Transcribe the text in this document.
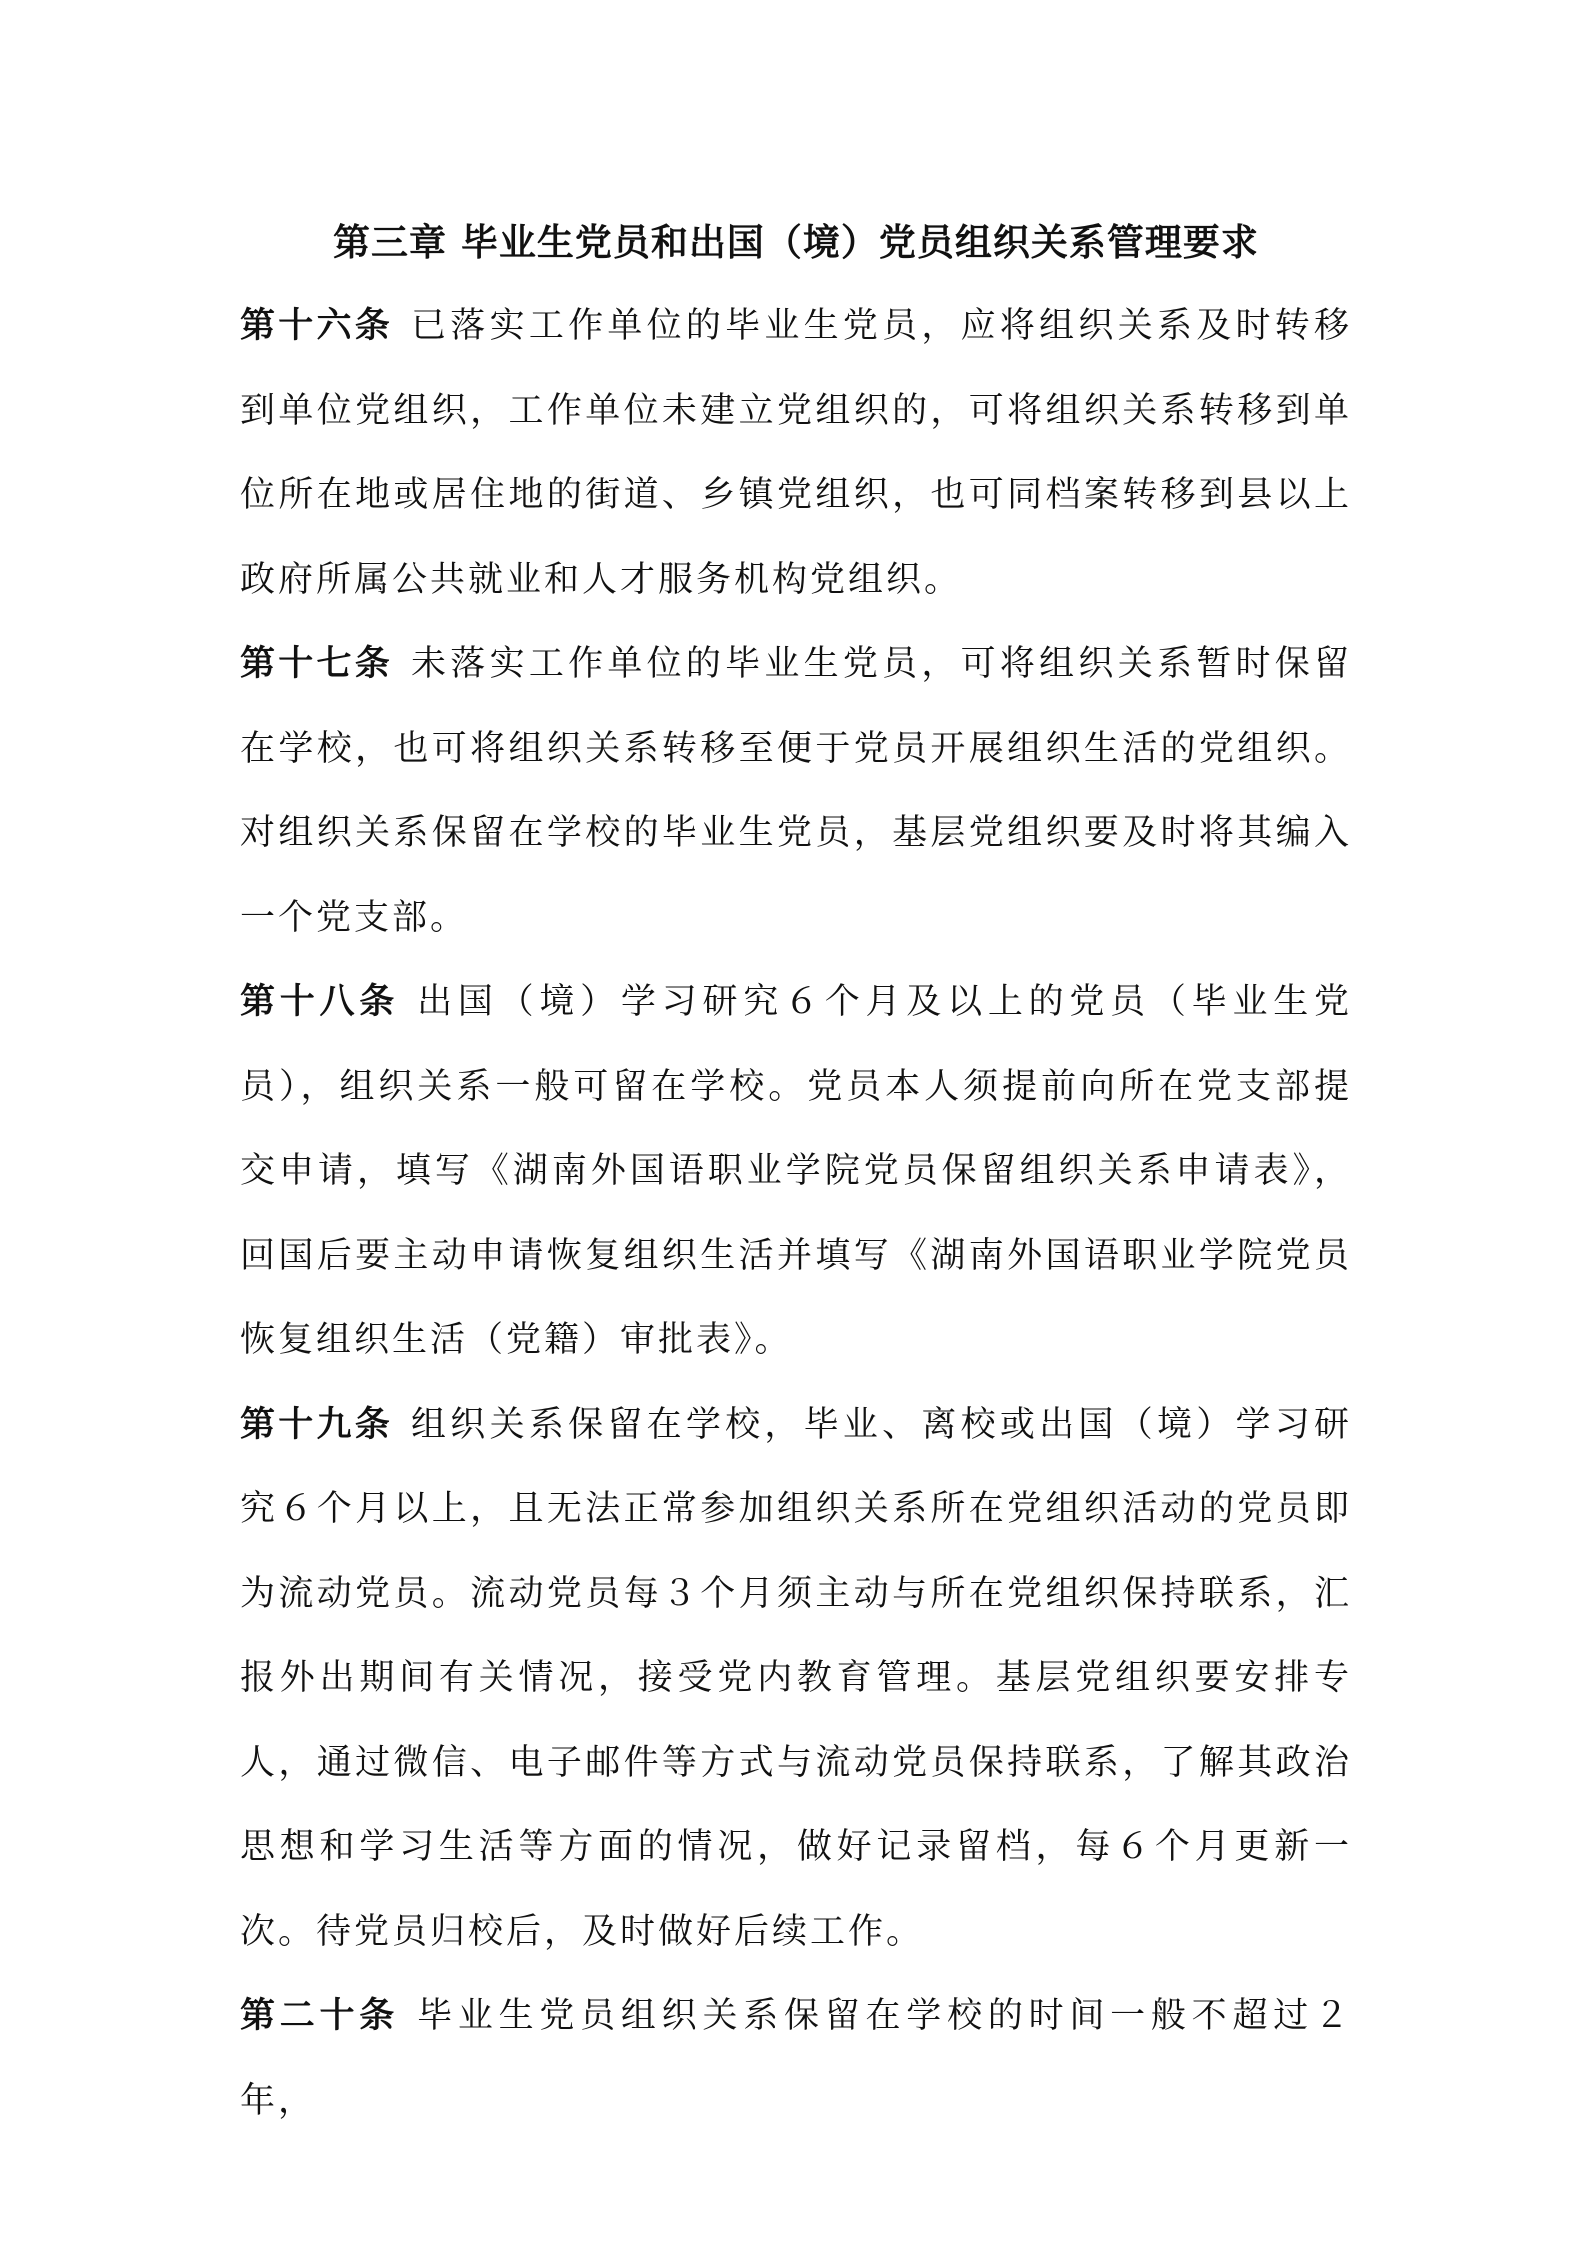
第三章 毕业生党员和出国（境）党员组织关系管理要求

第十六条 已落实工作单位的毕业生党员，应将组织关系及时转移到单位党组织，工作单位未建立党组织的，可将组织关系转移到单位所在地或居住地的街道、乡镇党组织，也可同档案转移到县以上政府所属公共就业和人才服务机构党组织。

第十七条 未落实工作单位的毕业生党员，可将组织关系暂时保留在学校，也可将组织关系转移至便于党员开展组织生活的党组织。对组织关系保留在学校的毕业生党员，基层党组织要及时将其编入一个党支部。

第十八条 出国（境）学习研究６个月及以上的党员（毕业生党员），组织关系一般可留在学校。党员本人须提前向所在党支部提交申请，填写《湖南外国语职业学院党员保留组织关系申请表》，回国后要主动申请恢复组织生活并填写《湖南外国语职业学院党员恢复组织生活（党籍）审批表》。

第十九条 组织关系保留在学校，毕业、离校或出国（境）学习研究６个月以上，且无法正常参加组织关系所在党组织活动的党员即为流动党员。流动党员每３个月须主动与所在党组织保持联系，汇报外出期间有关情况，接受党内教育管理。基层党组织要安排专人，通过微信、电子邮件等方式与流动党员保持联系，了解其政治思想和学习生活等方面的情况，做好记录留档，每６个月更新一次。待党员归校后，及时做好后续工作。

第二十条 毕业生党员组织关系保留在学校的时间一般不超过２年，
